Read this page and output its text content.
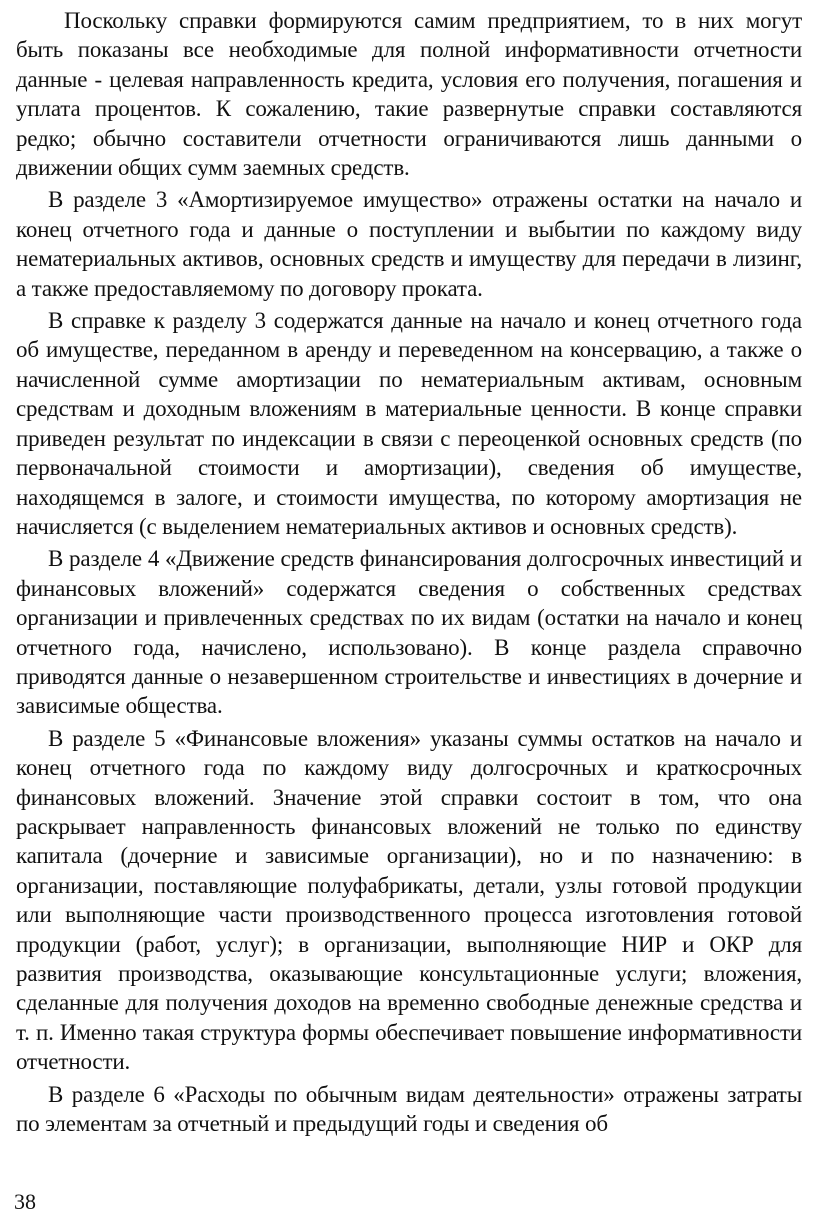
Поскольку справки формируются самим предприятием, то в них могут быть показаны все необходимые для полной информативности отчетности данные - целевая направленность кредита, условия его получения, погашения и уплата процентов. К сожалению, такие развернутые справки составляются редко; обычно составители отчетности ограничиваются лишь данными о движении общих сумм заемных средств.

В разделе 3 «Амортизируемое имущество» отражены остатки на начало и конец отчетного года и данные о поступлении и выбытии по каждому виду нематериальных активов, основных средств и имуществу для передачи в лизинг, а также предоставляемому по договору проката.

В справке к разделу 3 содержатся данные на начало и конец отчетного года об имуществе, переданном в аренду и переведенном на консервацию, а также о начисленной сумме амортизации по нематериальным активам, основным средствам и доходным вложениям в материальные ценности. В конце справки приведен результат по индексации в связи с переоценкой основных средств (по первоначальной стоимости и амортизации), сведения об имуществе, находящемся в залоге, и стоимости имущества, по которому амортизация не начисляется (с выделением нематериальных активов и основных средств).

В разделе 4 «Движение средств финансирования долгосрочных инвестиций и финансовых вложений» содержатся сведения о собственных средствах организации и привлеченных средствах по их видам (остатки на начало и конец отчетного года, начислено, использовано). В конце раздела справочно приводятся данные о незавершенном строительстве и инвестициях в дочерние и зависимые общества.

В разделе 5 «Финансовые вложения» указаны суммы остатков на начало и конец отчетного года по каждому виду долгосрочных и краткосрочных финансовых вложений. Значение этой справки состоит в том, что она раскрывает направленность финансовых вложений не только по единству капитала (дочерние и зависимые организации), но и по назначению: в организации, поставляющие полуфабрикаты, детали, узлы готовой продукции или выполняющие части производственного процесса изготовления готовой продукции (работ, услуг); в организации, выполняющие НИР и ОКР для развития производства, оказывающие консультационные услуги; вложения, сделанные для получения доходов на временно свободные денежные средства и т. п. Именно такая структура формы обеспечивает повышение информативности отчетности.

В разделе 6 «Расходы по обычным видам деятельности» отражены затраты по элементам за отчетный и предыдущий годы и сведения об

38
